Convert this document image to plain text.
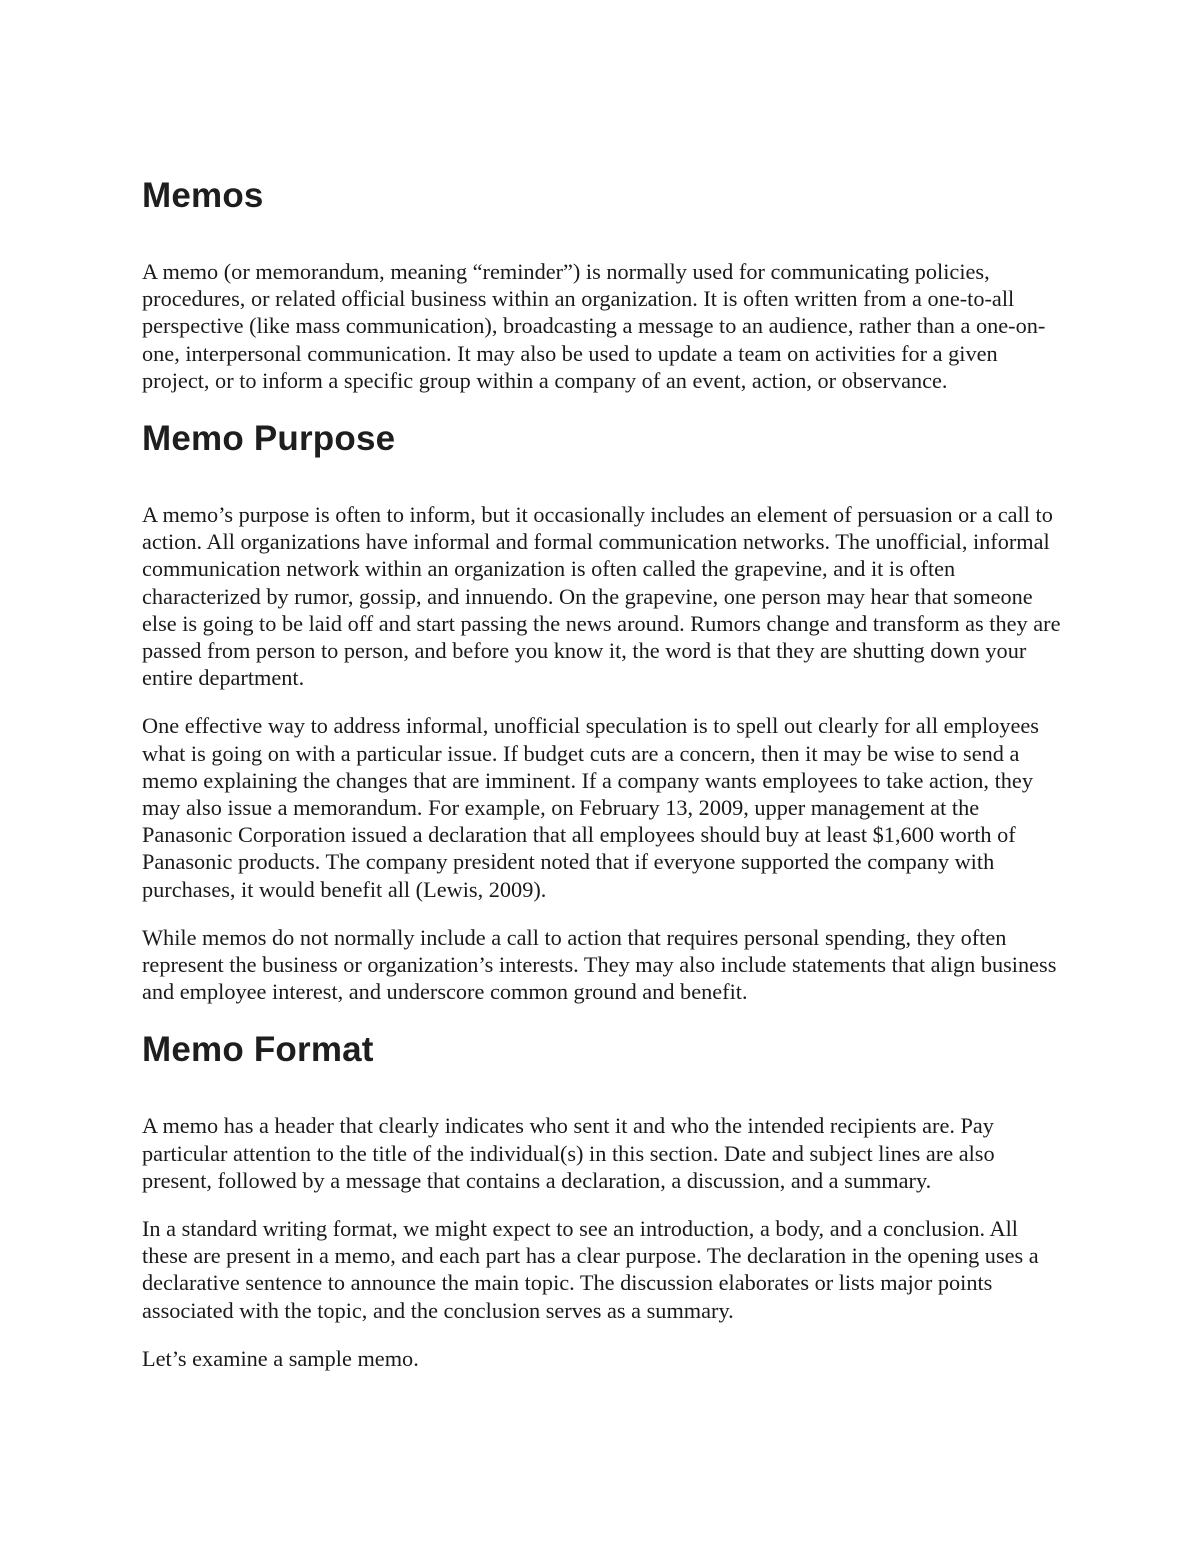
Memos

A memo (or memorandum, meaning “reminder”) is normally used for communicating policies, procedures, or related official business within an organization. It is often written from a one-to-all perspective (like mass communication), broadcasting a message to an audience, rather than a one-on-one, interpersonal communication. It may also be used to update a team on activities for a given project, or to inform a specific group within a company of an event, action, or observance.

Memo Purpose

A memo’s purpose is often to inform, but it occasionally includes an element of persuasion or a call to action. All organizations have informal and formal communication networks. The unofficial, informal communication network within an organization is often called the grapevine, and it is often characterized by rumor, gossip, and innuendo. On the grapevine, one person may hear that someone else is going to be laid off and start passing the news around. Rumors change and transform as they are passed from person to person, and before you know it, the word is that they are shutting down your entire department.

One effective way to address informal, unofficial speculation is to spell out clearly for all employees what is going on with a particular issue. If budget cuts are a concern, then it may be wise to send a memo explaining the changes that are imminent. If a company wants employees to take action, they may also issue a memorandum. For example, on February 13, 2009, upper management at the Panasonic Corporation issued a declaration that all employees should buy at least $1,600 worth of Panasonic products. The company president noted that if everyone supported the company with purchases, it would benefit all (Lewis, 2009).

While memos do not normally include a call to action that requires personal spending, they often represent the business or organization’s interests. They may also include statements that align business and employee interest, and underscore common ground and benefit.

Memo Format

A memo has a header that clearly indicates who sent it and who the intended recipients are. Pay particular attention to the title of the individual(s) in this section. Date and subject lines are also present, followed by a message that contains a declaration, a discussion, and a summary.

In a standard writing format, we might expect to see an introduction, a body, and a conclusion. All these are present in a memo, and each part has a clear purpose. The declaration in the opening uses a declarative sentence to announce the main topic. The discussion elaborates or lists major points associated with the topic, and the conclusion serves as a summary.

Let’s examine a sample memo.
